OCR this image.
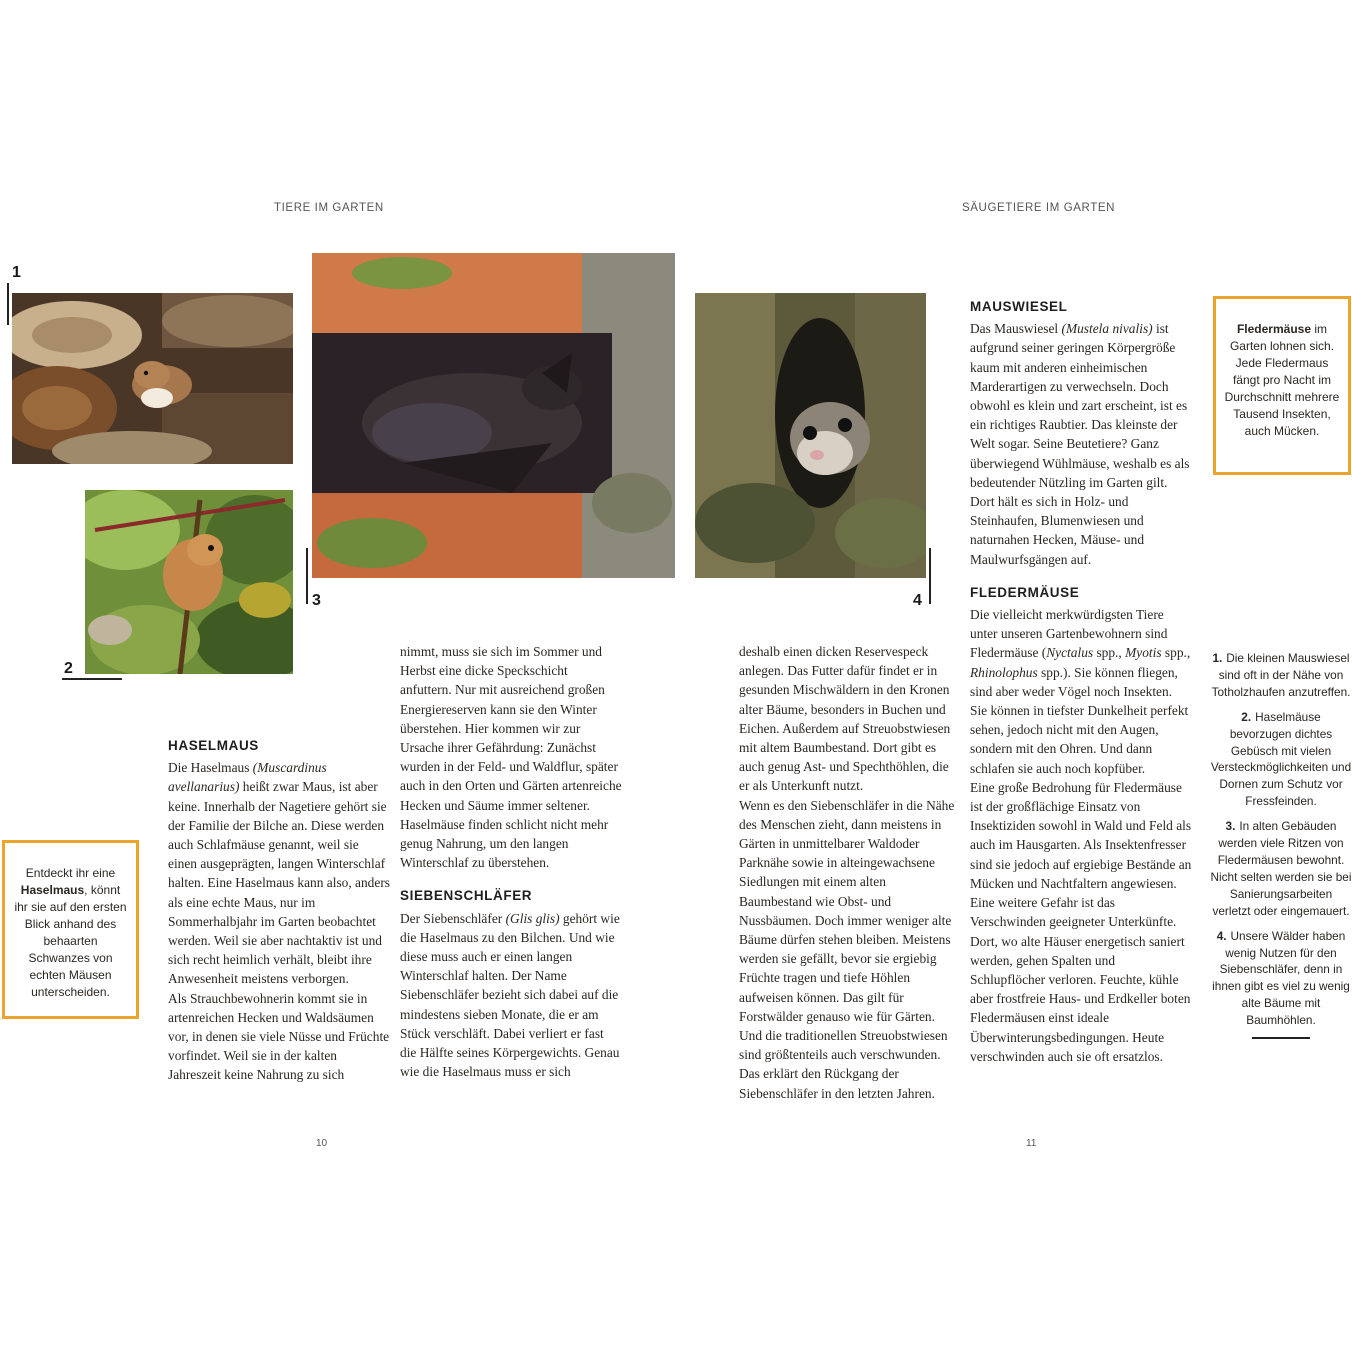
TIERE IM GARTEN
1
2
3
Entdeckt ihr eine Haselmaus, könnt ihr sie auf den ersten Blick anhand des behaarten Schwanzes von echten Mäusen unterscheiden.
HASELMAUS

Die Haselmaus (Muscardinus avellanarius) heißt zwar Maus, ist aber keine. Innerhalb der Nagetiere gehört sie der Familie der Bilche an. Diese werden auch Schlafmäuse genannt, weil sie einen ausgeprägten, langen Winterschlaf halten. Eine Haselmaus kann also, anders als eine echte Maus, nur im Sommerhalbjahr im Garten beobachtet werden. Weil sie aber nachtaktiv ist und sich recht heimlich verhält, bleibt ihre Anwesenheit meistens verborgen.

Als Strauchbewohnerin kommt sie in artenreichen Hecken und Waldsäumen vor, in denen sie viele Nüsse und Früchte vorfindet. Weil sie in der kalten Jahreszeit keine Nahrung zu sich

nimmt, muss sie sich im Sommer und Herbst eine dicke Speckschicht anfuttern. Nur mit ausreichend großen Energiereserven kann sie den Winter überstehen. Hier kommen wir zur Ursache ihrer Gefährdung: Zunächst wurden in der Feld- und Waldflur, später auch in den Orten und Gärten artenreiche Hecken und Säume immer seltener. Haselmäuse finden schlicht nicht mehr genug Nahrung, um den langen Winterschlaf zu überstehen.

SIEBENSCHLÄFER

Der Siebenschläfer (Glis glis) gehört wie die Haselmaus zu den Bilchen. Und wie diese muss auch er einen langen Winterschlaf halten. Der Name Siebenschläfer bezieht sich dabei auf die mindestens sieben Monate, die er am Stück verschläft. Dabei verliert er fast die Hälfte seines Körpergewichts. Genau wie die Haselmaus muss er sich

10
SÄUGETIERE IM GARTEN
4

deshalb einen dicken Reservespeck anlegen. Das Futter dafür findet er in gesunden Mischwäldern in den Kronen alter Bäume, besonders in Buchen und Eichen. Außerdem auf Streuobstwiesen mit altem Baumbestand. Dort gibt es auch genug Ast- und Spechthöhlen, die er als Unterkunft nutzt.

Wenn es den Siebenschläfer in die Nähe des Menschen zieht, dann meistens in Gärten in unmittelbarer Waldoder Parknähe sowie in alteingewachsene Siedlungen mit einem alten Baumbestand wie Obst- und Nussbäumen. Doch immer weniger alte Bäume dürfen stehen bleiben. Meistens werden sie gefällt, bevor sie ergiebig Früchte tragen und tiefe Höhlen aufweisen können. Das gilt für Forstwälder genauso wie für Gärten. Und die traditionellen Streuobstwiesen sind größtenteils auch verschwunden. Das erklärt den Rückgang der Siebenschläfer in den letzten Jahren.

MAUSWIESEL

Das Mauswiesel (Mustela nivalis) ist aufgrund seiner geringen Körpergröße kaum mit anderen einheimischen Marderartigen zu verwechseln. Doch obwohl es klein und zart erscheint, ist es ein richtiges Raubtier. Das kleinste der Welt sogar. Seine Beutetiere? Ganz überwiegend Wühlmäuse, weshalb es als bedeutender Nützling im Garten gilt. Dort hält es sich in Holz- und Steinhaufen, Blumenwiesen und naturnahen Hecken, Mäuse- und Maulwurfsgängen auf.

FLEDERMÄUSE

Die vielleicht merkwürdigsten Tiere unter unseren Gartenbewohnern sind Fledermäuse (Nyctalus spp., Myotis spp., Rhinolophus spp.). Sie können fliegen, sind aber weder Vögel noch Insekten. Sie können in tiefster Dunkelheit perfekt sehen, jedoch nicht mit den Augen, sondern mit den Ohren. Und dann schlafen sie auch noch kopfüber.

Eine große Bedrohung für Fledermäuse ist der großflächige Einsatz von Insektiziden sowohl in Wald und Feld als auch im Hausgarten. Als Insektenfresser sind sie jedoch auf ergiebige Bestände an Mücken und Nachtfaltern angewiesen.

Eine weitere Gefahr ist das Verschwinden geeigneter Unterkünfte. Dort, wo alte Häuser energetisch saniert werden, gehen Spalten und Schlupflöcher verloren. Feuchte, kühle aber frostfreie Haus- und Erdkeller boten Fledermäusen einst ideale Überwinterungsbedingungen. Heute verschwinden auch sie oft ersatzlos.

Fledermäuse im Garten lohnen sich. Jede Fledermaus fängt pro Nacht im Durchschnitt mehrere Tausend Insekten, auch Mücken.
1. Die kleinen Mauswiesel sind oft in der Nähe von Totholzhaufen anzutreffen.
2. Haselmäuse bevorzugen dichtes Gebüsch mit vielen Versteckmöglichkeiten und Dornen zum Schutz vor Fressfeinden.
3. In alten Gebäuden werden viele Ritzen von Fledermäusen bewohnt. Nicht selten werden sie bei Sanierungsarbeiten verletzt oder eingemauert.
4. Unsere Wälder haben wenig Nutzen für den Siebenschläfer, denn in ihnen gibt es viel zu wenig alte Bäume mit Baumhöhlen.
11
